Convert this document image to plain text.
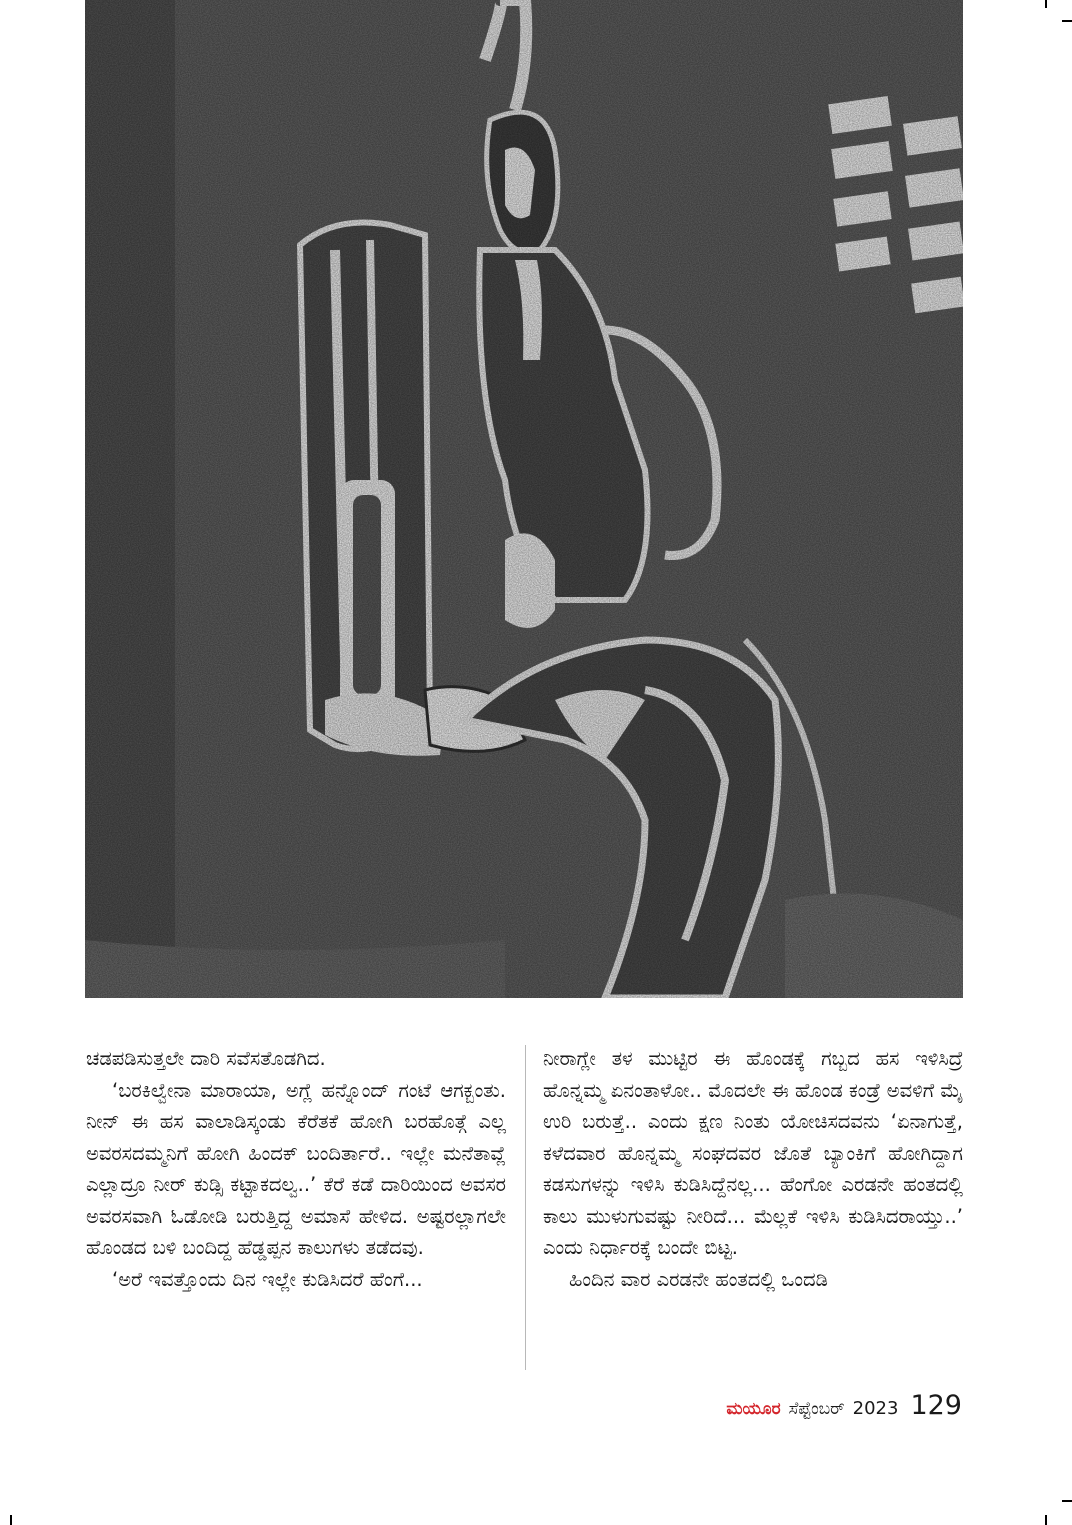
ಚಡಪಡಿಸುತ್ತಲೇ ದಾರಿ ಸವೆಸತೊಡಗಿದ.

‘ಬರಕಿಲ್ವೇನಾ ಮಾರಾಯಾ, ಅಗ್ಲೆ ಹನ್ನೊಂದ್ ಗಂಟೆ ಆಗಕ್ಬಂತು. ನೀನ್ ಈ ಹಸ ವಾಲಾಡಿಸ್ಕಂಡು ಕೆರೆತಕೆ ಹೋಗಿ ಬರಹೊತ್ಗೆ ಎಲ್ಲ ಅವರಸದಮ್ಮನಿಗೆ ಹೋಗಿ ಹಿಂದಕ್ ಬಂದಿರ್ತಾರೆ.. ಇಲ್ಲೇ ಮನೆತಾವ್ಲೆ ಎಲ್ಲಾದ್ರೂ ನೀರ್ ಕುಡ್ಸಿ ಕಟ್ಟಾಕದಲ್ವ..’ ಕೆರೆ ಕಡೆ ದಾರಿಯಿಂದ ಅವಸರ ಅವರಸವಾಗಿ ಓಡೋಡಿ ಬರುತ್ತಿದ್ದ ಅಮಾಸೆ ಹೇಳಿದ. ಅಷ್ಟರಲ್ಲಾಗಲೇ ಹೊಂಡದ ಬಳಿ ಬಂದಿದ್ದ ಹೆಡ್ಡಪ್ಪನ ಕಾಲುಗಳು ತಡೆದವು.

‘ಅರೆ ಇವತ್ತೊಂದು ದಿನ ಇಲ್ಲೇ ಕುಡಿಸಿದರೆ ಹೆಂಗೆ...

ನೀರಾಗ್ಲೇ ತಳ ಮುಟ್ಟಿರ ಈ ಹೊಂಡಕ್ಕೆ ಗಬ್ಬದ ಹಸ ಇಳಿಸಿದ್ರೆ ಹೊನ್ನಮ್ಮ ಏನಂತಾಳೋ.. ಮೊದಲೇ ಈ ಹೊಂಡ ಕಂಡ್ರೆ ಅವಳಿಗೆ ಮೈ ಉರಿ ಬರುತ್ತೆ.. ಎಂದು ಕ್ಷಣ ನಿಂತು ಯೋಚಿಸದವನು ‘ಏನಾಗುತ್ತೆ, ಕಳೆದವಾರ ಹೊನ್ನಮ್ಮ ಸಂಘದವರ ಜೊತೆ ಬ್ಯಾಂಕಿಗೆ ಹೋಗಿದ್ದಾಗ ಕಡಸುಗಳನ್ನು ಇಳಿಸಿ ಕುಡಿಸಿದ್ದೆನಲ್ಲ... ಹೆಂಗೋ ಎರಡನೇ ಹಂತದಲ್ಲಿ ಕಾಲು ಮುಳುಗುವಷ್ಟು ನೀರಿದೆ... ಮೆಲ್ಲಕೆ ಇಳಿಸಿ ಕುಡಿಸಿದರಾಯ್ತು..’ ಎಂದು ನಿರ್ಧಾರಕ್ಕೆ ಬಂದೇ ಬಿಟ್ಟ.

ಹಿಂದಿನ ವಾರ ಎರಡನೇ ಹಂತದಲ್ಲಿ ಒಂದಡಿ

ಮಯೂರ ಸೆಪ್ಟೆಂಬರ್ 2023 129
